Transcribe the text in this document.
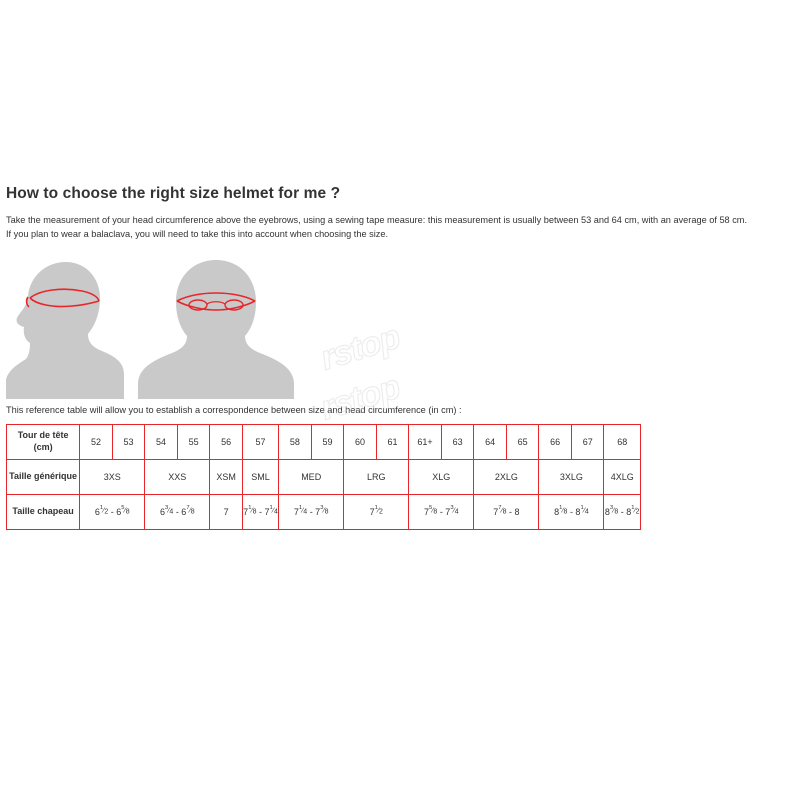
How to choose the right size helmet for me ?

Take the measurement of your head circumference above the eyebrows, using a sewing tape measure: this measurement is usually between 53 and 64 cm, with an average of 58 cm.
If you plan to wear a balaclava, you will need to take this into account when choosing the size.

This reference table will allow you to establish a correspondence between size and head circumference (in cm) :

Tour de tête (cm)	52	53	54	55	56	57	58	59	60	61	61+	63	64	65	66	67	68
Taille générique	3XS		XXS		XSM	SML	MED		LRG		XLG		2XLG		3XLG		4XLG
Taille chapeau	$6^1⁄_2$ - $6^5⁄_8$		$6^3⁄_4$ - $6^7⁄_8$		7	$7^1⁄_8$ - $7^1⁄_4$	$7^1⁄_4$ - $7^3⁄_8$		$7^1⁄_2$		$7^5⁄_8$ - $7^3⁄_4$		$7^7⁄_8 - 8$		$8^1⁄_8$ - $8^1⁄_4$		$8^3⁄_8$ - $8^1⁄_2$
rstop
rstop
